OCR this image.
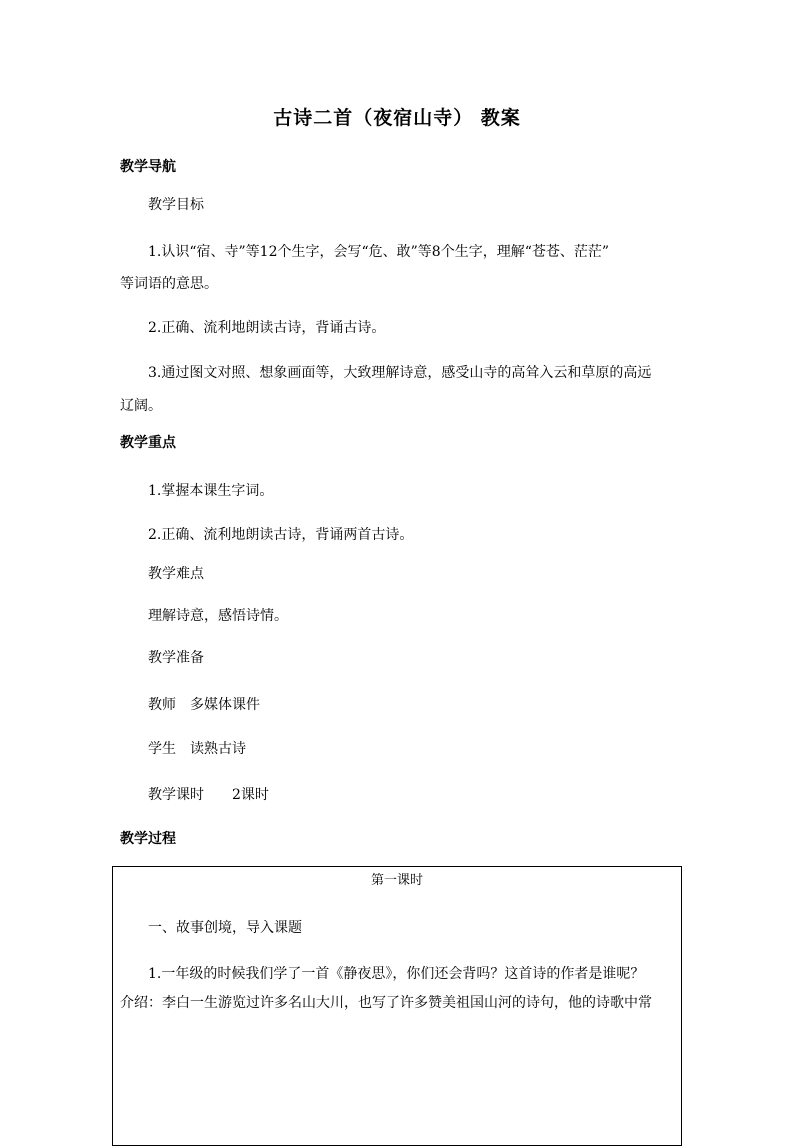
古诗二首（夜宿山寺） 教案
教学导航
教学目标
1.认识“宿、寺”等12个生字，会写“危、敢”等8个生字，理解“苍苍、茫茫”
等词语的意思。
2.正确、流利地朗读古诗，背诵古诗。
3.通过图文对照、想象画面等，大致理解诗意，感受山寺的高耸入云和草原的高远
辽阔。
教学重点
1.掌握本课生字词。
2.正确、流利地朗读古诗，背诵两首古诗。
教学难点
理解诗意，感悟诗情。
教学准备
教师　多媒体课件
学生　读熟古诗
教学课时　　2课时
教学过程
第一课时
一、故事创境，导入课题
1.一年级的时候我们学了一首《静夜思》，你们还会背吗？这首诗的作者是谁呢？
介绍：李白一生游览过许多名山大川，也写了许多赞美祖国山河的诗句，他的诗歌中常
